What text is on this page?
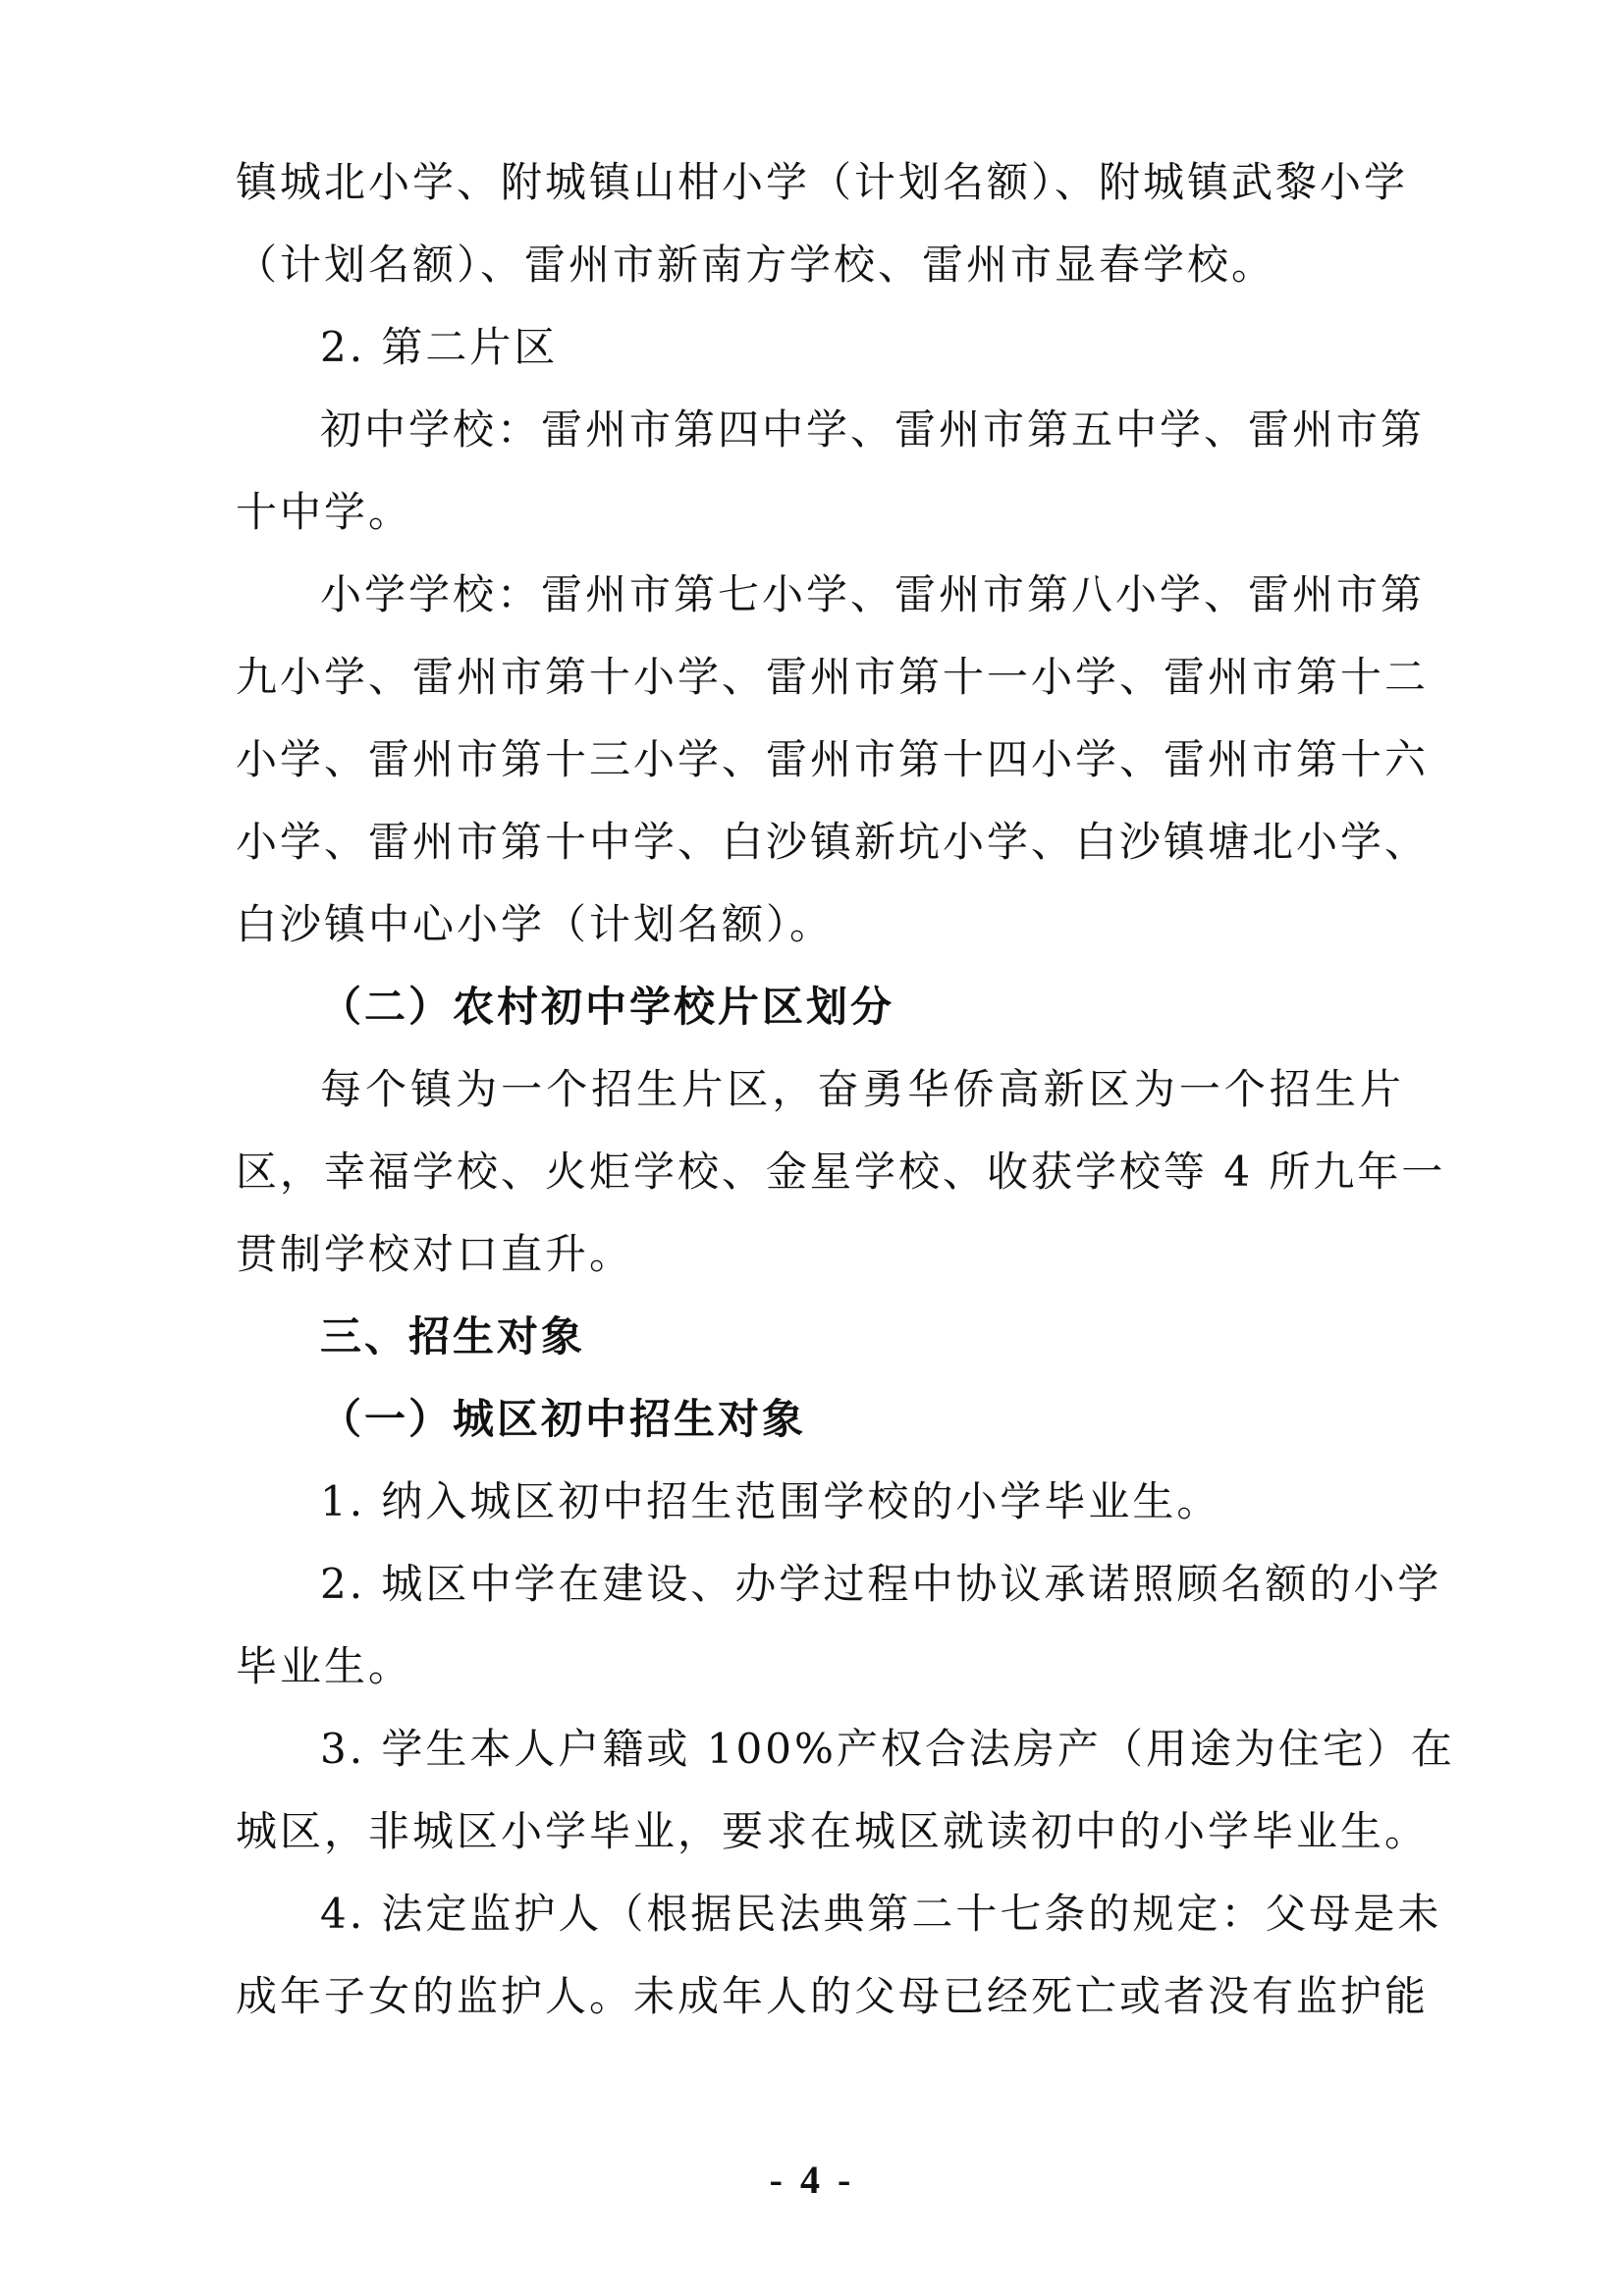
镇城北小学、附城镇山柑小学（计划名额）、附城镇武黎小学
（计划名额）、雷州市新南方学校、雷州市显春学校。
2. 第二片区
初中学校：雷州市第四中学、雷州市第五中学、雷州市第
十中学。
小学学校：雷州市第七小学、雷州市第八小学、雷州市第
九小学、雷州市第十小学、雷州市第十一小学、雷州市第十二
小学、雷州市第十三小学、雷州市第十四小学、雷州市第十六
小学、雷州市第十中学、白沙镇新坑小学、白沙镇塘北小学、
白沙镇中心小学（计划名额）。
（二）农村初中学校片区划分
每个镇为一个招生片区，奋勇华侨高新区为一个招生片
区，幸福学校、火炬学校、金星学校、收获学校等 4 所九年一
贯制学校对口直升。
三、招生对象
（一）城区初中招生对象
1. 纳入城区初中招生范围学校的小学毕业生。
2. 城区中学在建设、办学过程中协议承诺照顾名额的小学
毕业生。
3. 学生本人户籍或 100%产权合法房产（用途为住宅）在
城区，非城区小学毕业，要求在城区就读初中的小学毕业生。
4. 法定监护人（根据民法典第二十七条的规定：父母是未
成年子女的监护人。未成年人的父母已经死亡或者没有监护能
- 4 -
